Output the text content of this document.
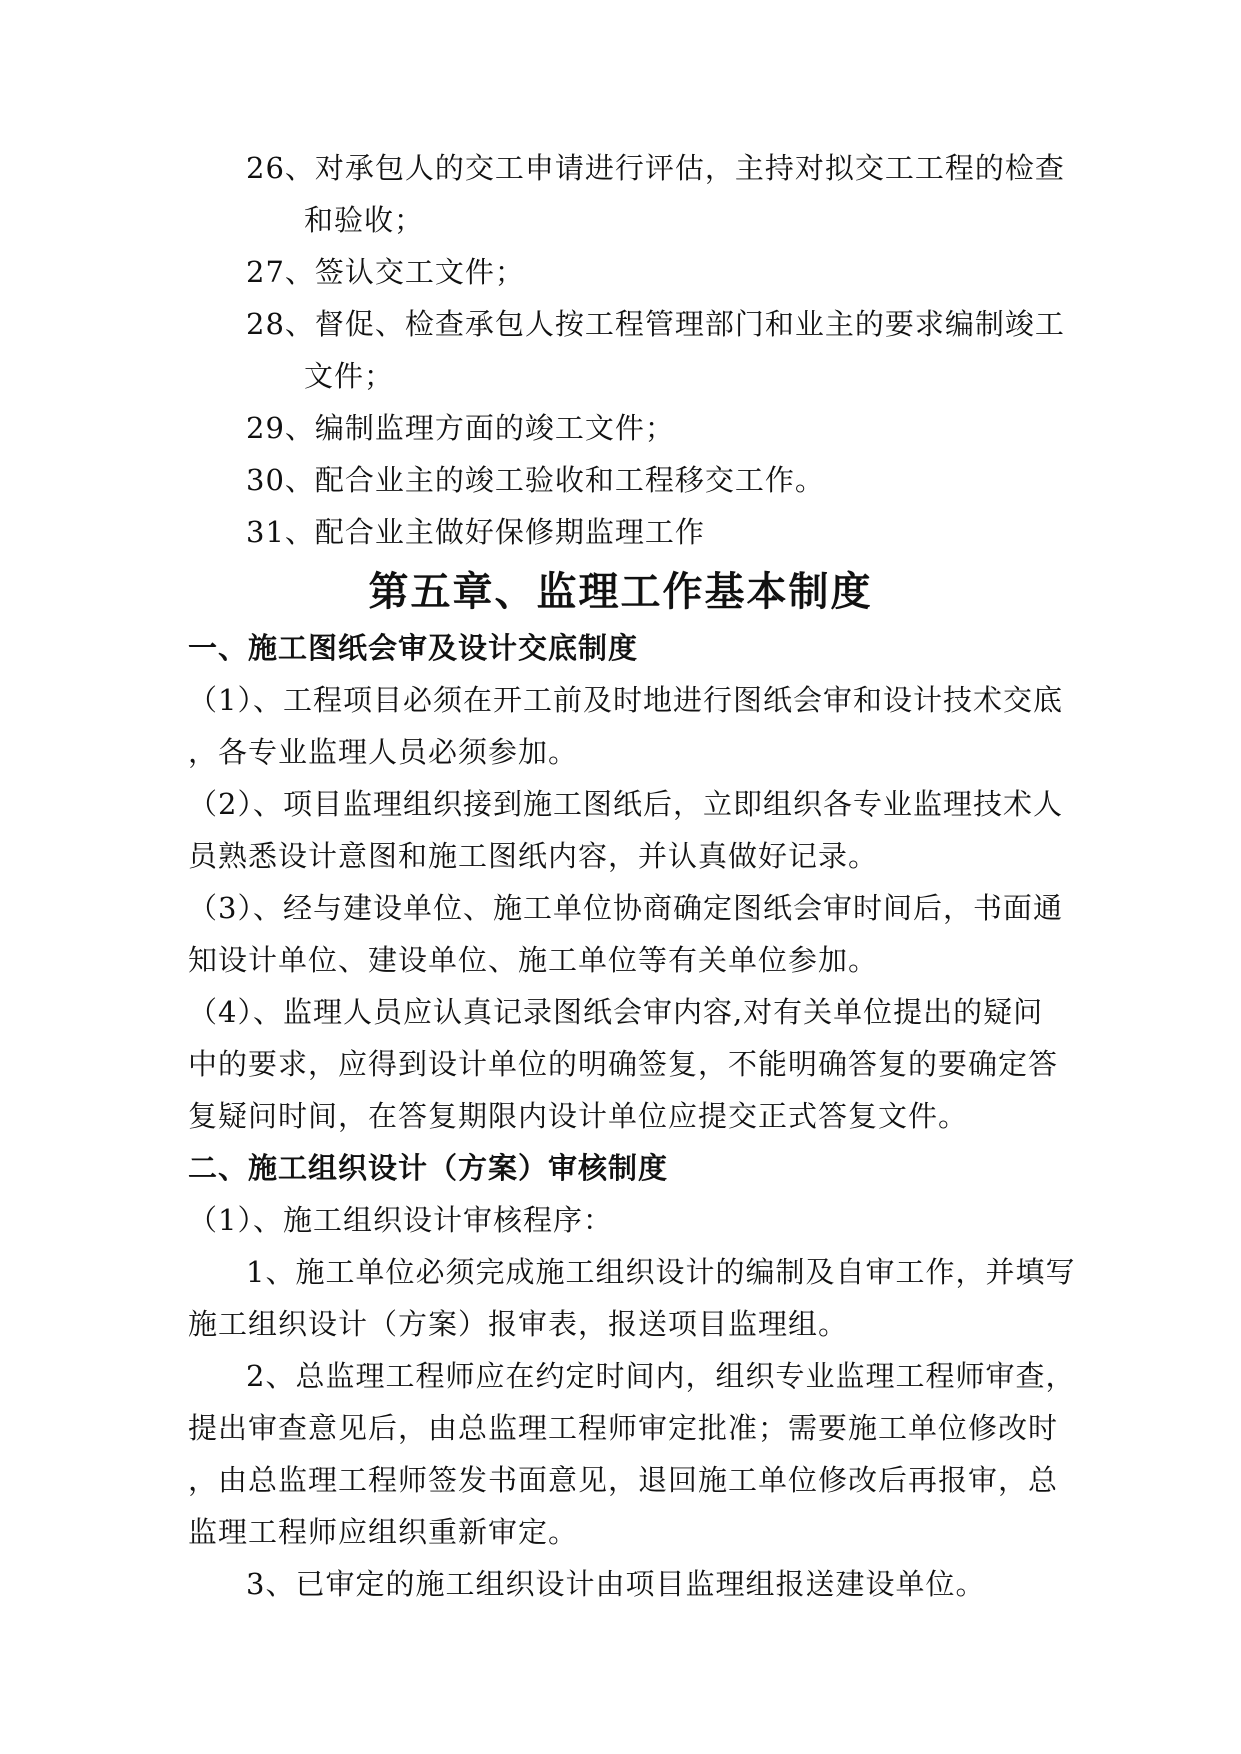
26、对承包人的交工申请进行评估，主持对拟交工工程的检查
和验收；
27、签认交工文件；
28、督促、检查承包人按工程管理部门和业主的要求编制竣工
文件；
29、编制监理方面的竣工文件；
30、配合业主的竣工验收和工程移交工作。
31、配合业主做好保修期监理工作
第五章、监理工作基本制度
一、施工图纸会审及设计交底制度
（1）、工程项目必须在开工前及时地进行图纸会审和设计技术交底
，各专业监理人员必须参加。
（2）、项目监理组织接到施工图纸后，立即组织各专业监理技术人
员熟悉设计意图和施工图纸内容，并认真做好记录。
（3）、经与建设单位、施工单位协商确定图纸会审时间后，书面通
知设计单位、建设单位、施工单位等有关单位参加。
（4）、监理人员应认真记录图纸会审内容,对有关单位提出的疑问
中的要求，应得到设计单位的明确签复，不能明确答复的要确定答
复疑问时间，在答复期限内设计单位应提交正式答复文件。
二、施工组织设计（方案）审核制度
（1）、施工组织设计审核程序：
1、施工单位必须完成施工组织设计的编制及自审工作，并填写
施工组织设计（方案）报审表，报送项目监理组。
2、总监理工程师应在约定时间内，组织专业监理工程师审查，
提出审查意见后，由总监理工程师审定批准；需要施工单位修改时
，由总监理工程师签发书面意见，退回施工单位修改后再报审，总
监理工程师应组织重新审定。
3、已审定的施工组织设计由项目监理组报送建设单位。
